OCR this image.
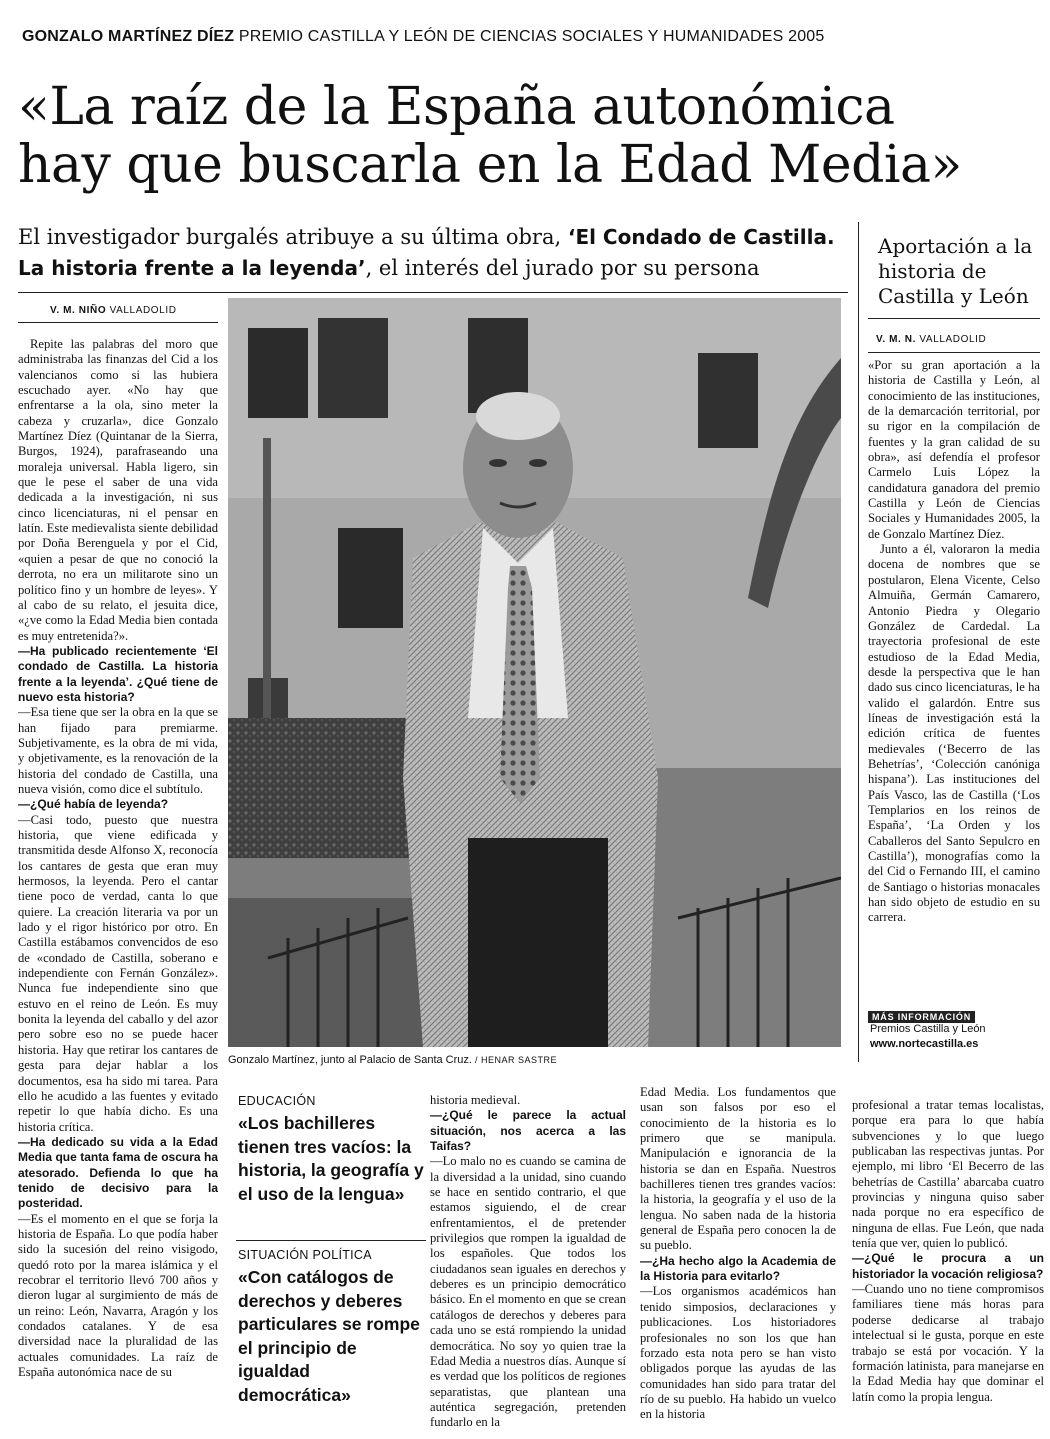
GONZALO MARTÍNEZ DÍEZ PREMIO CASTILLA Y LEÓN DE CIENCIAS SOCIALES Y HUMANIDADES 2005
«La raíz de la España autonómica
hay que buscarla en la Edad Media»
El investigador burgalés atribuye a su última obra, ‘El Condado de Castilla. La historia frente a la leyenda’, el interés del jurado por su persona
V. M. NIÑO VALLADOLID

Repite las palabras del moro que administraba las finanzas del Cid a los valencianos como si las hubiera escuchado ayer. «No hay que enfrentarse a la ola, sino meter la cabeza y cruzarla», dice Gonzalo Martínez Díez (Quintanar de la Sierra, Burgos, 1924), parafraseando una moraleja universal. Habla ligero, sin que le pese el saber de una vida dedicada a la investigación, ni sus cinco licenciaturas, ni el pensar en latín. Este medievalista siente debilidad por Doña Berenguela y por el Cid, «quien a pesar de que no conoció la derrota, no era un militarote sino un político fino y un hombre de leyes». Y al cabo de su relato, el jesuita dice, «¿ve como la Edad Media bien contada es muy entretenida?».

—Ha publicado recientemente ‘El condado de Castilla. La historia frente a la leyenda’. ¿Qué tiene de nuevo esta historia?

—Esa tiene que ser la obra en la que se han fijado para premiarme. Subjetivamente, es la obra de mi vida, y objetivamente, es la renovación de la historia del condado de Castilla, una nueva visión, como dice el subtítulo.

—¿Qué había de leyenda?

—Casi todo, puesto que nuestra historia, que viene edificada y transmitida desde Alfonso X, reconocía los cantares de gesta que eran muy hermosos, la leyenda. Pero el cantar tiene poco de verdad, canta lo que quiere. La creación literaria va por un lado y el rigor histórico por otro. En Castilla estábamos convencidos de eso de «condado de Castilla, soberano e independiente con Fernán González». Nunca fue independiente sino que estuvo en el reino de León. Es muy bonita la leyenda del caballo y del azor pero sobre eso no se puede hacer historia. Hay que retirar los cantares de gesta para dejar hablar a los documentos, esa ha sido mi tarea. Para ello he acudido a las fuentes y evitado repetir lo que había dicho. Es una historia crítica.

—Ha dedicado su vida a la Edad Media que tanta fama de oscura ha atesorado. Defienda lo que ha tenido de decisivo para la posteridad.

—Es el momento en el que se forja la historia de España. Lo que podía haber sido la sucesión del reino visigodo, quedó roto por la marea islámica y el recobrar el territorio llevó 700 años y dieron lugar al surgimiento de más de un reino: León, Navarra, Aragón y los condados catalanes. Y de esa diversidad nace la pluralidad de las actuales comunidades. La raíz de España autonómica nace de su

Gonzalo Martínez, junto al Palacio de Santa Cruz. / HENAR SASTRE
Aportación a la historia de Castilla y León
V. M. N. VALLADOLID

«Por su gran aportación a la historia de Castilla y León, al conocimiento de las instituciones, de la demarcación territorial, por su rigor en la compilación de fuentes y la gran calidad de su obra», así defendía el profesor Carmelo Luis López la candidatura ganadora del premio Castilla y León de Ciencias Sociales y Humanidades 2005, la de Gonzalo Martínez Díez.

Junto a él, valoraron la media docena de nombres que se postularon, Elena Vicente, Celso Almuiña, Germán Camarero, Antonio Piedra y Olegario González de Cardedal. La trayectoria profesional de este estudioso de la Edad Media, desde la perspectiva que le han dado sus cinco licenciaturas, le ha valido el galardón. Entre sus líneas de investigación está la edición crítica de fuentes medievales (‘Becerro de las Behetrías’, ‘Colección canóniga hispana’). Las instituciones del País Vasco, las de Castilla (‘Los Templarios en los reinos de España’, ‘La Orden y los Caballeros del Santo Sepulcro en Castilla’), monografías como la del Cid o Fernando III, el camino de Santiago o historias monacales han sido objeto de estudio en su carrera.

MÁS INFORMACIÓN
Premios Castilla y León
www.nortecastilla.es
EDUCACIÓN
«Los bachilleres tienen tres vacíos: la historia, la geografía y el uso de la lengua»
SITUACIÓN POLÍTICA
«Con catálogos de derechos y deberes particulares se rompe el principio de igualdad democrática»

historia medieval.

—¿Qué le parece la actual situación, nos acerca a las Taifas?

—Lo malo no es cuando se camina de la diversidad a la unidad, sino cuando se hace en sentido contrario, el que estamos siguiendo, el de crear enfrentamientos, el de pretender privilegios que rompen la igualdad de los españoles. Que todos los ciudadanos sean iguales en derechos y deberes es un principio democrático básico. En el momento en que se crean catálogos de derechos y deberes para cada uno se está rompiendo la unidad democrática. No soy yo quien trae la Edad Media a nuestros días. Aunque sí es verdad que los políticos de regiones separatistas, que plantean una auténtica segregación, pretenden fundarlo en la

Edad Media. Los fundamentos que usan son falsos por eso el conocimiento de la historia es lo primero que se manipula. Manipulación e ignorancia de la historia se dan en España. Nuestros bachilleres tienen tres grandes vacíos: la historia, la geografía y el uso de la lengua. No saben nada de la historia general de España pero conocen la de su pueblo.

—¿Ha hecho algo la Academia de la Historia para evitarlo?

—Los organismos académicos han tenido simposios, declaraciones y publicaciones. Los historiadores profesionales no son los que han forzado esta nota pero se han visto obligados porque las ayudas de las comunidades han sido para tratar del río de su pueblo. Ha habido un vuelco en la historia

profesional a tratar temas localistas, porque era para lo que había subvenciones y lo que luego publicaban las respectivas juntas. Por ejemplo, mi libro ‘El Becerro de las behetrías de Castilla’ abarcaba cuatro provincias y ninguna quiso saber nada porque no era específico de ninguna de ellas. Fue León, que nada tenía que ver, quien lo publicó.

—¿Qué le procura a un historiador la vocación religiosa?

—Cuando uno no tiene compromisos familiares tiene más horas para poderse dedicarse al trabajo intelectual si le gusta, porque en este trabajo se está por vocación. Y la formación latinista, para manejarse en la Edad Media hay que dominar el latín como la propia lengua.
